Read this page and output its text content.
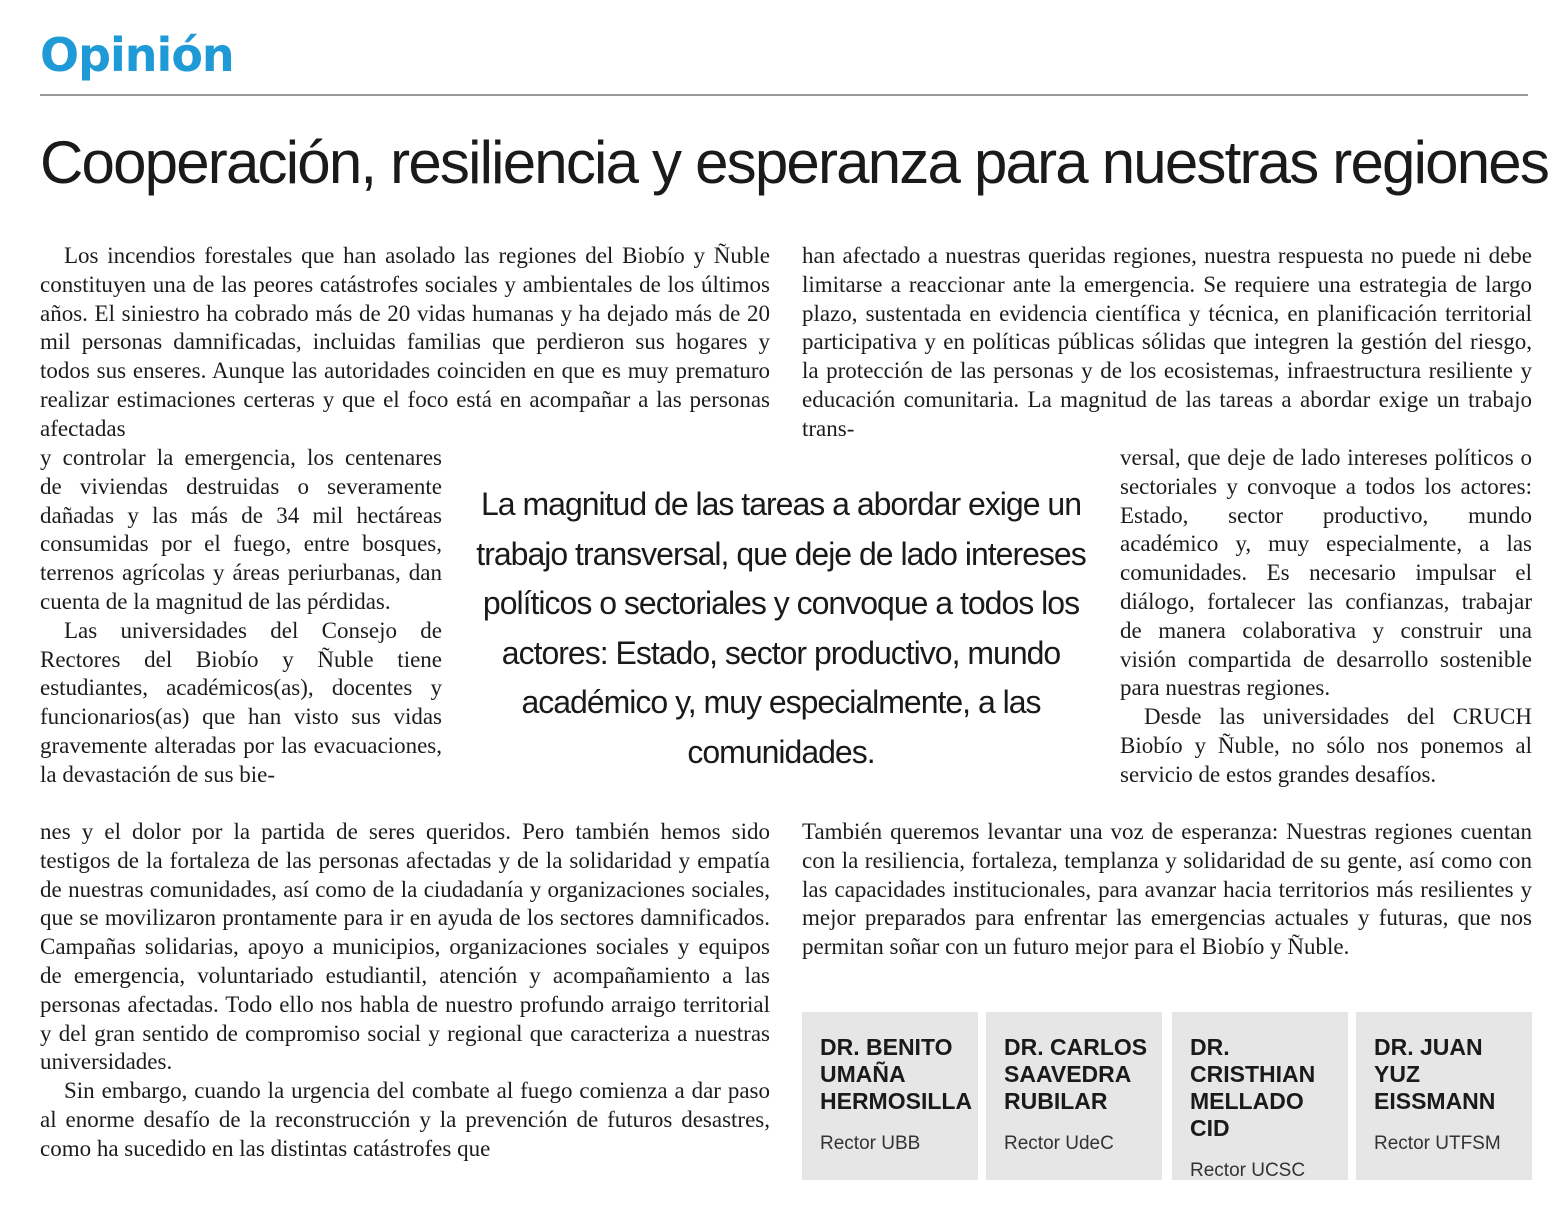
Opinión
Cooperación, resiliencia y esperanza para nuestras regiones

Los incendios forestales que han asolado las regiones del Biobío y Ñuble constituyen una de las peores catástrofes sociales y ambientales de los últimos años. El siniestro ha cobrado más de 20 vidas humanas y ha dejado más de 20 mil personas damnificadas, incluidas familias que perdieron sus hogares y todos sus enseres. Aunque las autoridades coinciden en que es muy prematuro realizar estimaciones certeras y que el foco está en acompañar a las personas afectadas

y controlar la emergencia, los centenares de viviendas destruidas o severamente dañadas y las más de 34 mil hectáreas consumidas por el fuego, entre bosques, terrenos agrícolas y áreas periurbanas, dan cuenta de la magnitud de las pérdidas.

Las universidades del Consejo de Rectores del Biobío y Ñuble tiene estudiantes, académicos(as), docentes y funcionarios(as) que han visto sus vidas gravemente alteradas por las evacuaciones, la devastación de sus bie-

nes y el dolor por la partida de seres queridos. Pero también hemos sido testigos de la fortaleza de las personas afectadas y de la solidaridad y empatía de nuestras comunidades, así como de la ciudadanía y organizaciones sociales, que se movilizaron prontamente para ir en ayuda de los sectores damnificados. Campañas solidarias, apoyo a municipios, organizaciones sociales y equipos de emergencia, voluntariado estudiantil, atención y acompañamiento a las personas afectadas. Todo ello nos habla de nuestro profundo arraigo territorial y del gran sentido de compromiso social y regional que caracteriza a nuestras universidades.

Sin embargo, cuando la urgencia del combate al fuego comienza a dar paso al enorme desafío de la reconstrucción y la prevención de futuros desastres, como ha sucedido en las distintas catástrofes que

han afectado a nuestras queridas regiones, nuestra respuesta no puede ni debe limitarse a reaccionar ante la emergencia. Se requiere una estrategia de largo plazo, sustentada en evidencia científica y técnica, en planificación territorial participativa y en políticas públicas sólidas que integren la gestión del riesgo, la protección de las personas y de los ecosistemas, infraestructura resiliente y educación comunitaria. La magnitud de las tareas a abordar exige un trabajo trans-

versal, que deje de lado intereses políticos o sectoriales y convoque a todos los actores: Estado, sector productivo, mundo académico y, muy especialmente, a las comunidades. Es necesario impulsar el diálogo, fortalecer las confianzas, trabajar de manera colaborativa y construir una visión compartida de desarrollo sostenible para nuestras regiones.

Desde las universidades del CRUCH Biobío y Ñuble, no sólo nos ponemos al servicio de estos grandes desafíos.

También queremos levantar una voz de esperanza: Nuestras regiones cuentan con la resiliencia, fortaleza, templanza y solidaridad de su gente, así como con las capacidades institucionales, para avanzar hacia territorios más resilientes y mejor preparados para enfrentar las emergencias actuales y futuras, que nos permitan soñar con un futuro mejor para el Biobío y Ñuble.

La magnitud de las tareas a abordar exige un trabajo transversal, que deje de lado intereses políticos o sectoriales y convoque a todos los actores: Estado, sector productivo, mundo académico y, muy especialmente, a las comunidades.
DR. BENITO UMAÑA HERMOSILLA
Rector UBB
DR. CARLOS SAAVEDRA RUBILAR
Rector UdeC
DR. CRISTHIAN MELLADO CID
Rector UCSC
DR. JUAN YUZ EISSMANN
Rector UTFSM
